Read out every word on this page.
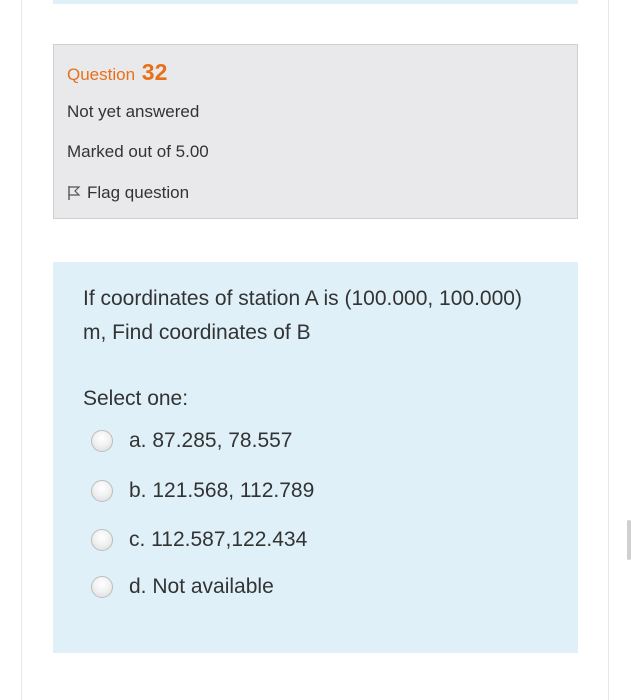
Question 32
Not yet answered
Marked out of 5.00
Flag question
If coordinates of station A is (100.000, 100.000) m, Find coordinates of B
Select one:
a. 87.285, 78.557
b. 121.568, 112.789
c. 112.587,122.434
d. Not available
